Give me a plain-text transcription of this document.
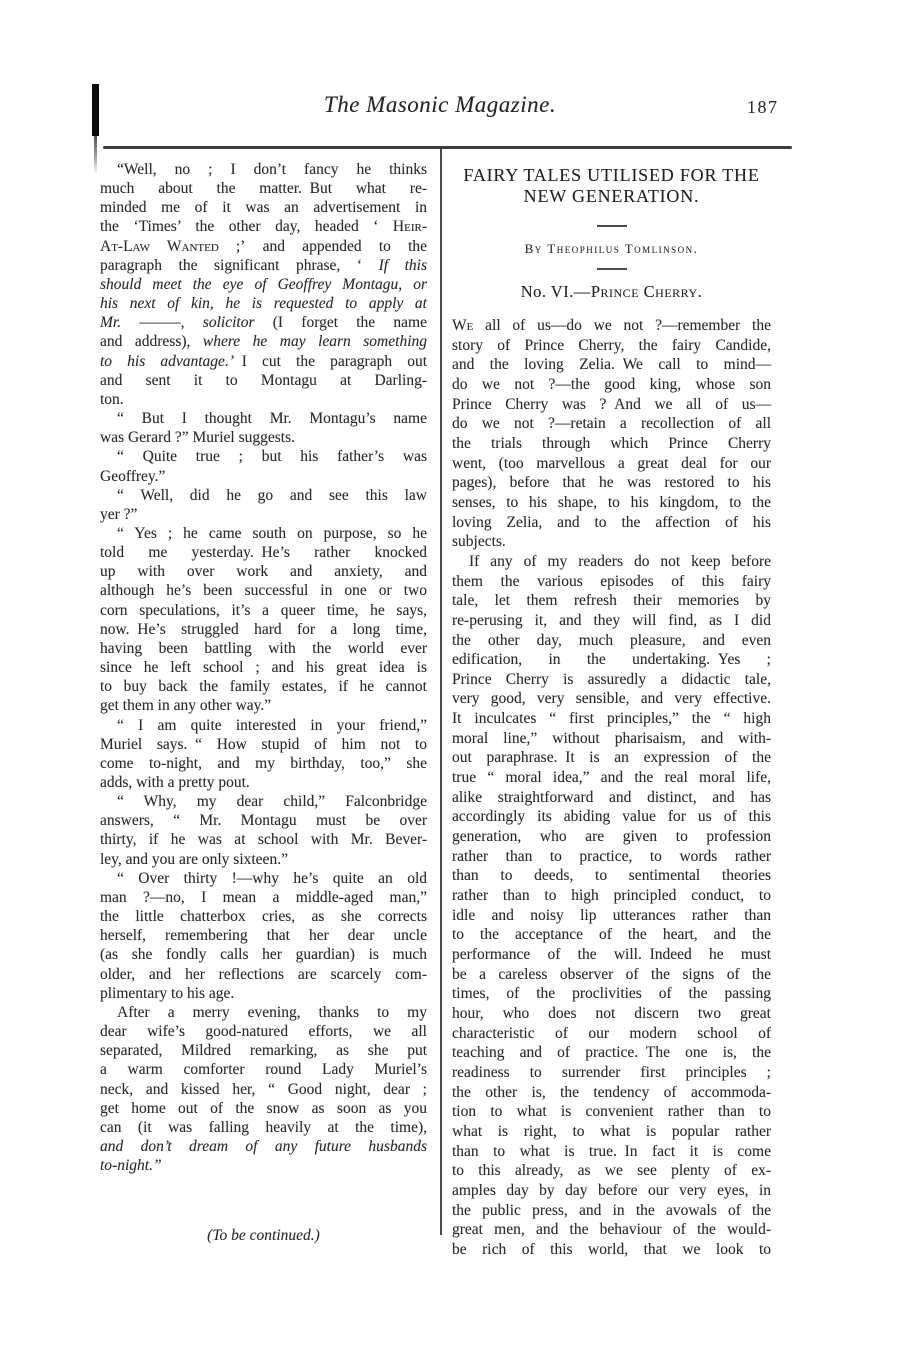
The Masonic Magazine.	187
“Well, no ; I don’t fancy he thinks
much about the matter. But what re-
minded me of it was an advertisement in
the ‘Times’ the other day, headed ‘ Heir-
At-Law Wanted ;’ and appended to the
paragraph the significant phrase, ‘ If this
should meet the eye of Geoffrey Montagu, or
his next of kin, he is requested to apply at
Mr. ———, solicitor (I forget the name
and address), where he may learn something
to his advantage.’ I cut the paragraph out
and sent it to Montagu at Darling-
ton.
“ But I thought Mr. Montagu’s name
was Gerard ?” Muriel suggests.
“ Quite true ; but his father’s was
Geoffrey.”
“ Well, did he go and see this law
yer ?”
“ Yes ; he came south on purpose, so he
told me yesterday. He’s rather knocked
up with over work and anxiety, and
although he’s been successful in one or two
corn speculations, it’s a queer time, he says,
now. He’s struggled hard for a long time,
having been battling with the world ever
since he left school ; and his great idea is
to buy back the family estates, if he cannot
get them in any other way.”
“ I am quite interested in your friend,”
Muriel says. “ How stupid of him not to
come to-night, and my birthday, too,” she
adds, with a pretty pout.
“ Why, my dear child,” Falconbridge
answers, “ Mr. Montagu must be over
thirty, if he was at school with Mr. Bever-
ley, and you are only sixteen.”
“ Over thirty !—why he’s quite an old
man ?—no, I mean a middle-aged man,”
the little chatterbox cries, as she corrects
herself, remembering that her dear uncle
(as she fondly calls her guardian) is much
older, and her reflections are scarcely com-
plimentary to his age.
After a merry evening, thanks to my
dear wife’s good-natured efforts, we all
separated, Mildred remarking, as she put
a warm comforter round Lady Muriel’s
neck, and kissed her, “ Good night, dear ;
get home out of the snow as soon as you
can (it was falling heavily at the time),
and don’t dream of any future husbands
to-night.”
(To be continued.)
FAIRY TALES UTILISED FOR THE
NEW GENERATION.
By Theophilus Tomlinson.
No. VI.—Prince Cherry.
We all of us—do we not ?—remember the
story of Prince Cherry, the fairy Candide,
and the loving Zelia. We call to mind—
do we not ?—the good king, whose son
Prince Cherry was ? And we all of us—
do we not ?—retain a recollection of all
the trials through which Prince Cherry
went, (too marvellous a great deal for our
pages), before that he was restored to his
senses, to his shape, to his kingdom, to the
loving Zelia, and to the affection of his
subjects.
If any of my readers do not keep before
them the various episodes of this fairy
tale, let them refresh their memories by
re-perusing it, and they will find, as I did
the other day, much pleasure, and even
edification, in the undertaking. Yes ;
Prince Cherry is assuredly a didactic tale,
very good, very sensible, and very effective.
It inculcates “ first principles,” the “ high
moral line,” without pharisaism, and with-
out paraphrase. It is an expression of the
true “ moral idea,” and the real moral life,
alike straightforward and distinct, and has
accordingly its abiding value for us of this
generation, who are given to profession
rather than to practice, to words rather
than to deeds, to sentimental theories
rather than to high principled conduct, to
idle and noisy lip utterances rather than
to the acceptance of the heart, and the
performance of the will. Indeed he must
be a careless observer of the signs of the
times, of the proclivities of the passing
hour, who does not discern two great
characteristic of our modern school of
teaching and of practice. The one is, the
readiness to surrender first principles ;
the other is, the tendency of accommoda-
tion to what is convenient rather than to
what is right, to what is popular rather
than to what is true. In fact it is come
to this already, as we see plenty of ex-
amples day by day before our very eyes, in
the public press, and in the avowals of the
great men, and the behaviour of the would-
be rich of this world, that we look to
